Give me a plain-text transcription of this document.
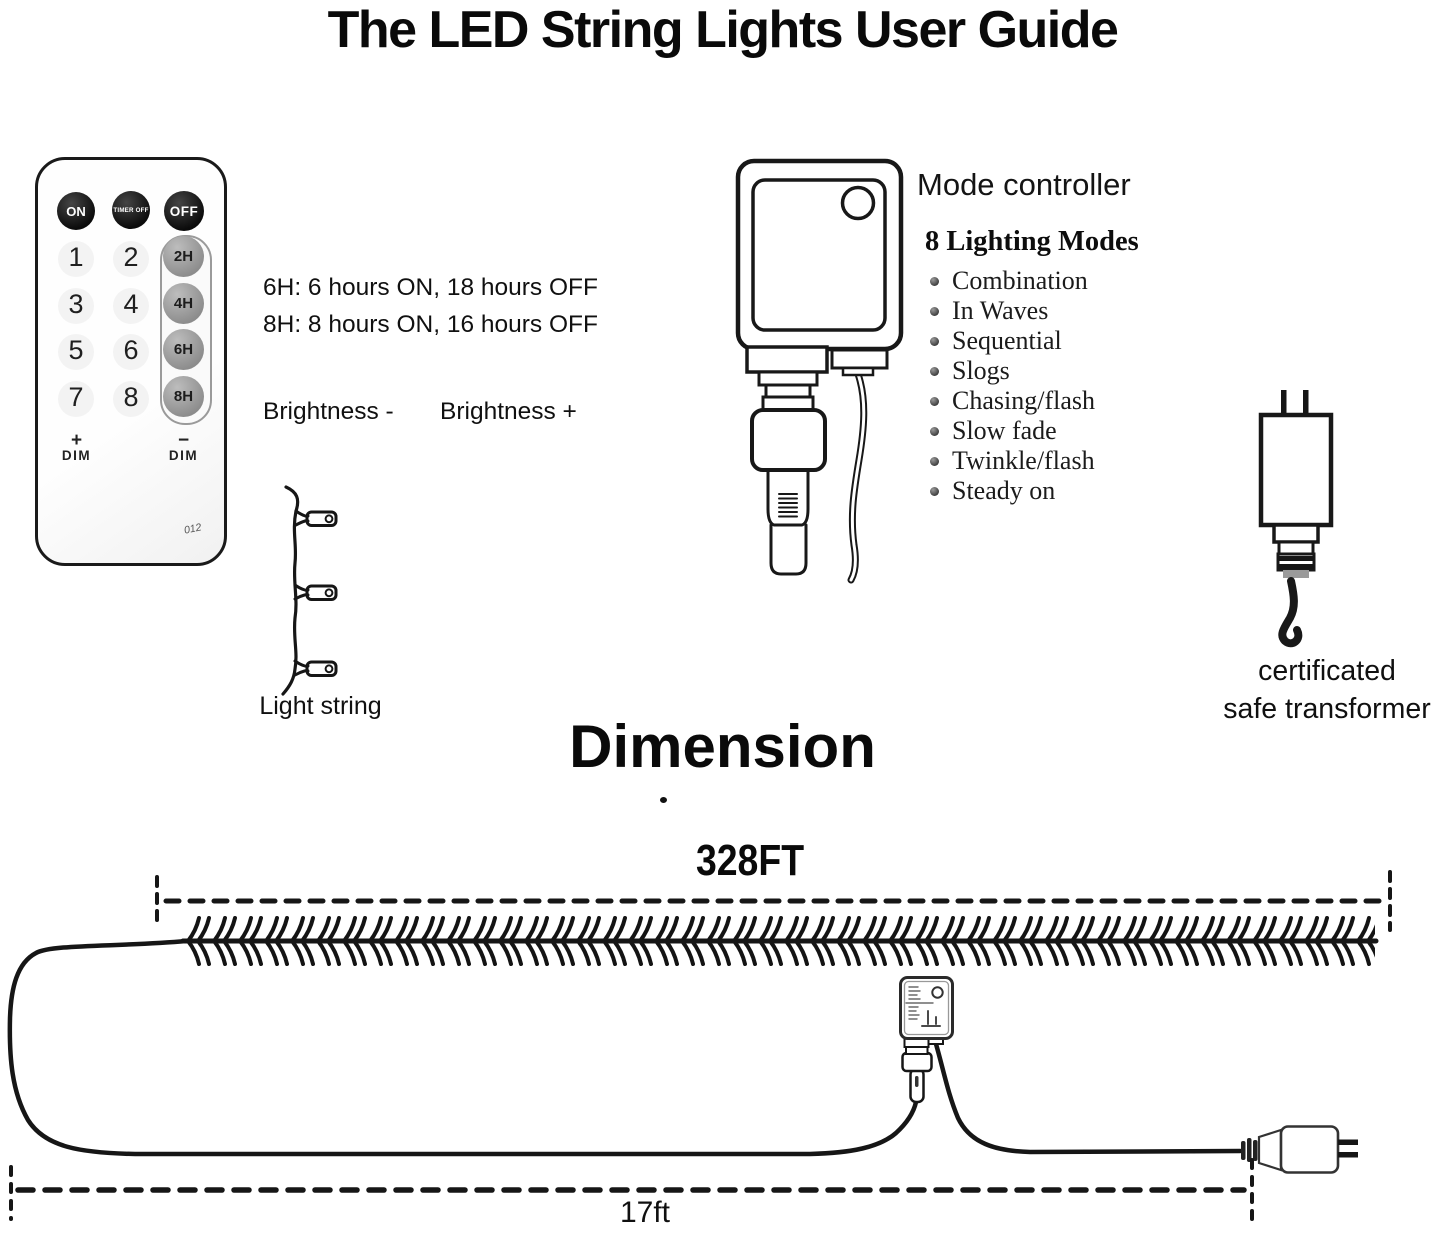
The LED String Lights User Guide
ON	TIMER OFF	OFF
1	2
3	4
5	6
7	8
2H
4H
6H
8H
+
DIM
−
DIM
012
6H: 6 hours ON, 18 hours OFF
8H: 8 hours ON, 16 hours OFF
Brightness - Brightness +
Light string
Mode controller
8 Lighting Modes
Combination
In Waves
Sequential
Slogs
Chasing/flash
Slow fade
Twinkle/flash
Steady on
certificated
safe transformer
Dimension
328FT
17ft
